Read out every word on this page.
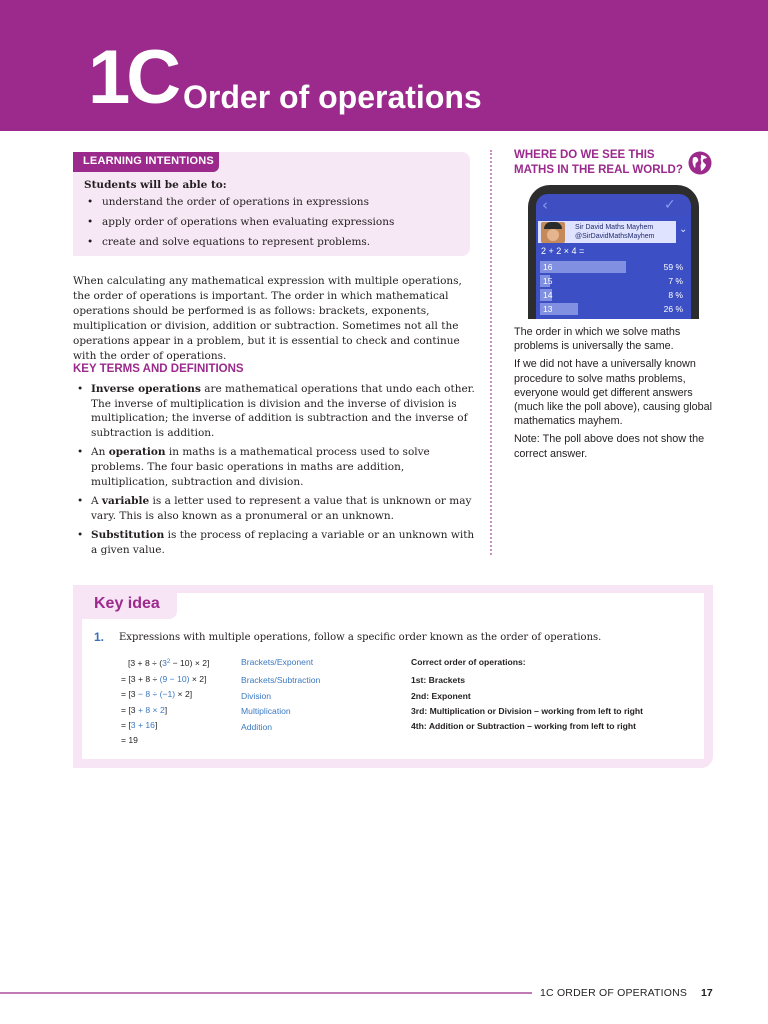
1C Order of operations
LEARNING INTENTIONS
Students will be able to:
• understand the order of operations in expressions
• apply order of operations when evaluating expressions
• create and solve equations to represent problems.

When calculating any mathematical expression with multiple operations, the order of operations is important. The order in which mathematical operations should be performed is as follows: brackets, exponents, multiplication or division, addition or subtraction. Sometimes not all the operations appear in a problem, but it is essential to check and continue with the order of operations.

KEY TERMS AND DEFINITIONS
• Inverse operations are mathematical operations that undo each other. The inverse of multiplication is division and the inverse of division is multiplication; the inverse of addition is subtraction and the inverse of subtraction is addition.
• An operation in maths is a mathematical process used to solve problems. The four basic operations in maths are addition, multiplication, subtraction and division.
• A variable is a letter used to represent a value that is unknown or may vary. This is also known as a pronumeral or an unknown.
• Substitution is the process of replacing a variable or an unknown with a given value.
WHERE DO WE SEE THIS MATHS IN THE REAL WORLD?
‹	✓
Sir David Maths Mayhem
@SirDavidMathsMayhem
⌄
2 + 2 × 4 =
16	59 %
15	7 %
14	8 %
13	26 %

The order in which we solve maths problems is universally the same.

If we did not have a universally known procedure to solve maths problems, everyone would get different answers (much like the poll above), causing global mathematics mayhem.

Note: The poll above does not show the correct answer.

Key idea
1. Expressions with multiple operations, follow a specific order known as the order of operations.
$[3 + 8 \div (3^2 - 10) \times 2]$
= [3 + 8 ÷ (9 − 10) × 2]
= [3 − 8 ÷ (−1) × 2]
= [3 + 8 × 2]
= [3 + 16]
= 19
Brackets/Exponent
Brackets/Subtraction
Division
Multiplication
Addition
Correct order of operations:
1st: Brackets
2nd: Exponent
3rd: Multiplication or Division – working from left to right
4th: Addition or Subtraction – working from left to right
1C ORDER OF OPERATIONS 17
